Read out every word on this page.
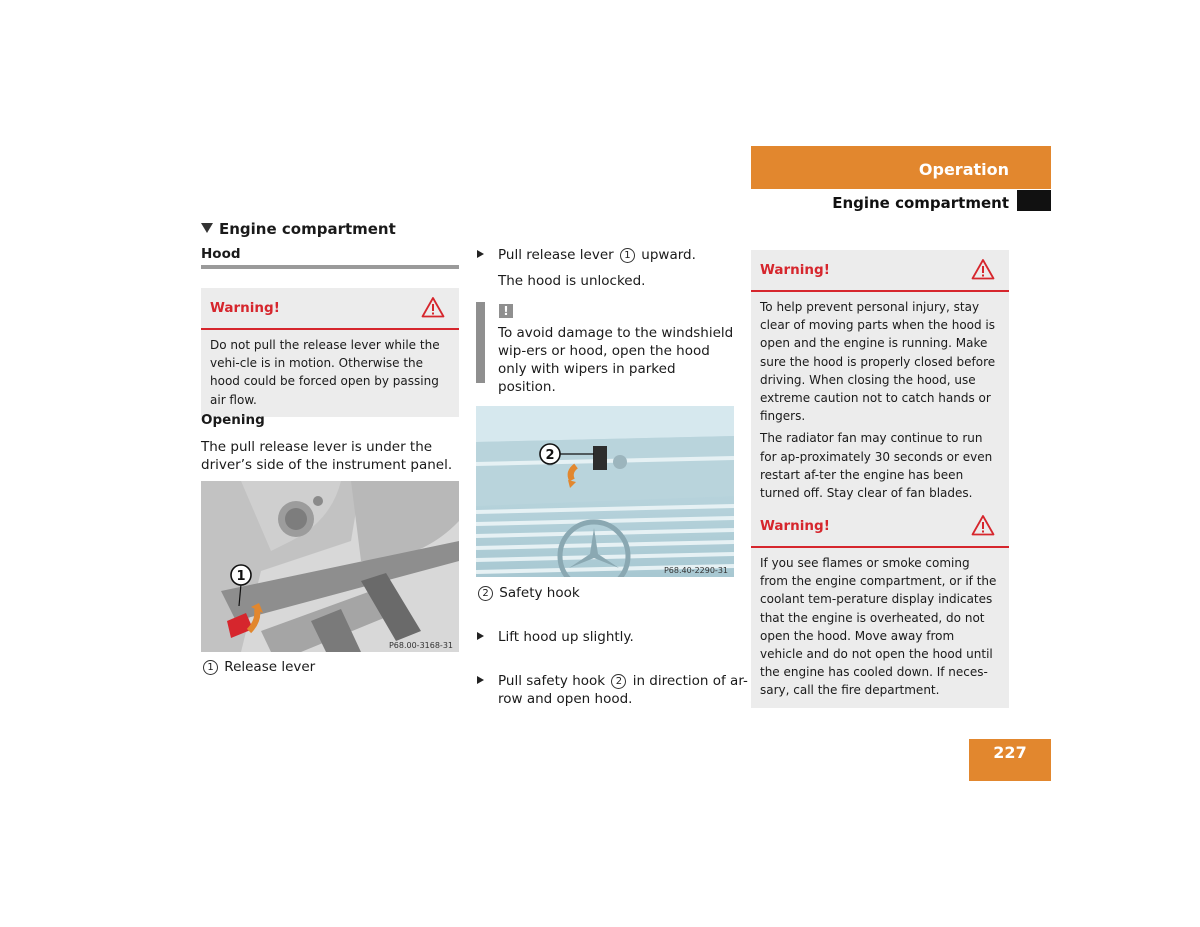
Operation
Engine compartment
Engine compartment
Hood
Warning!
Do not pull the release lever while the vehi-cle is in motion. Otherwise the hood could be forced open by passing air flow.
Opening
The pull release lever is under the driver’s side of the instrument panel.
1
P68.00-3168-31
1 Release lever
Pull release lever 1 upward.
The hood is unlocked.
!
To avoid damage to the windshield wip-ers or hood, open the hood only with wipers in parked position.
2
P68.40-2290-31
2 Safety hook
Lift hood up slightly.
Pull safety hook 2 in direction of ar-row and open hood.
Warning!
To help prevent personal injury, stay clear of moving parts when the hood is open and the engine is running. Make sure the hood is properly closed before driving. When closing the hood, use extreme caution not to catch hands or fingers.
The radiator fan may continue to run for ap-proximately 30 seconds or even restart af-ter the engine has been turned off. Stay clear of fan blades.
Warning!
If you see flames or smoke coming from the engine compartment, or if the coolant tem-perature display indicates that the engine is overheated, do not open the hood. Move away from vehicle and do not open the hood until the engine has cooled down. If neces-sary, call the fire department.
227
